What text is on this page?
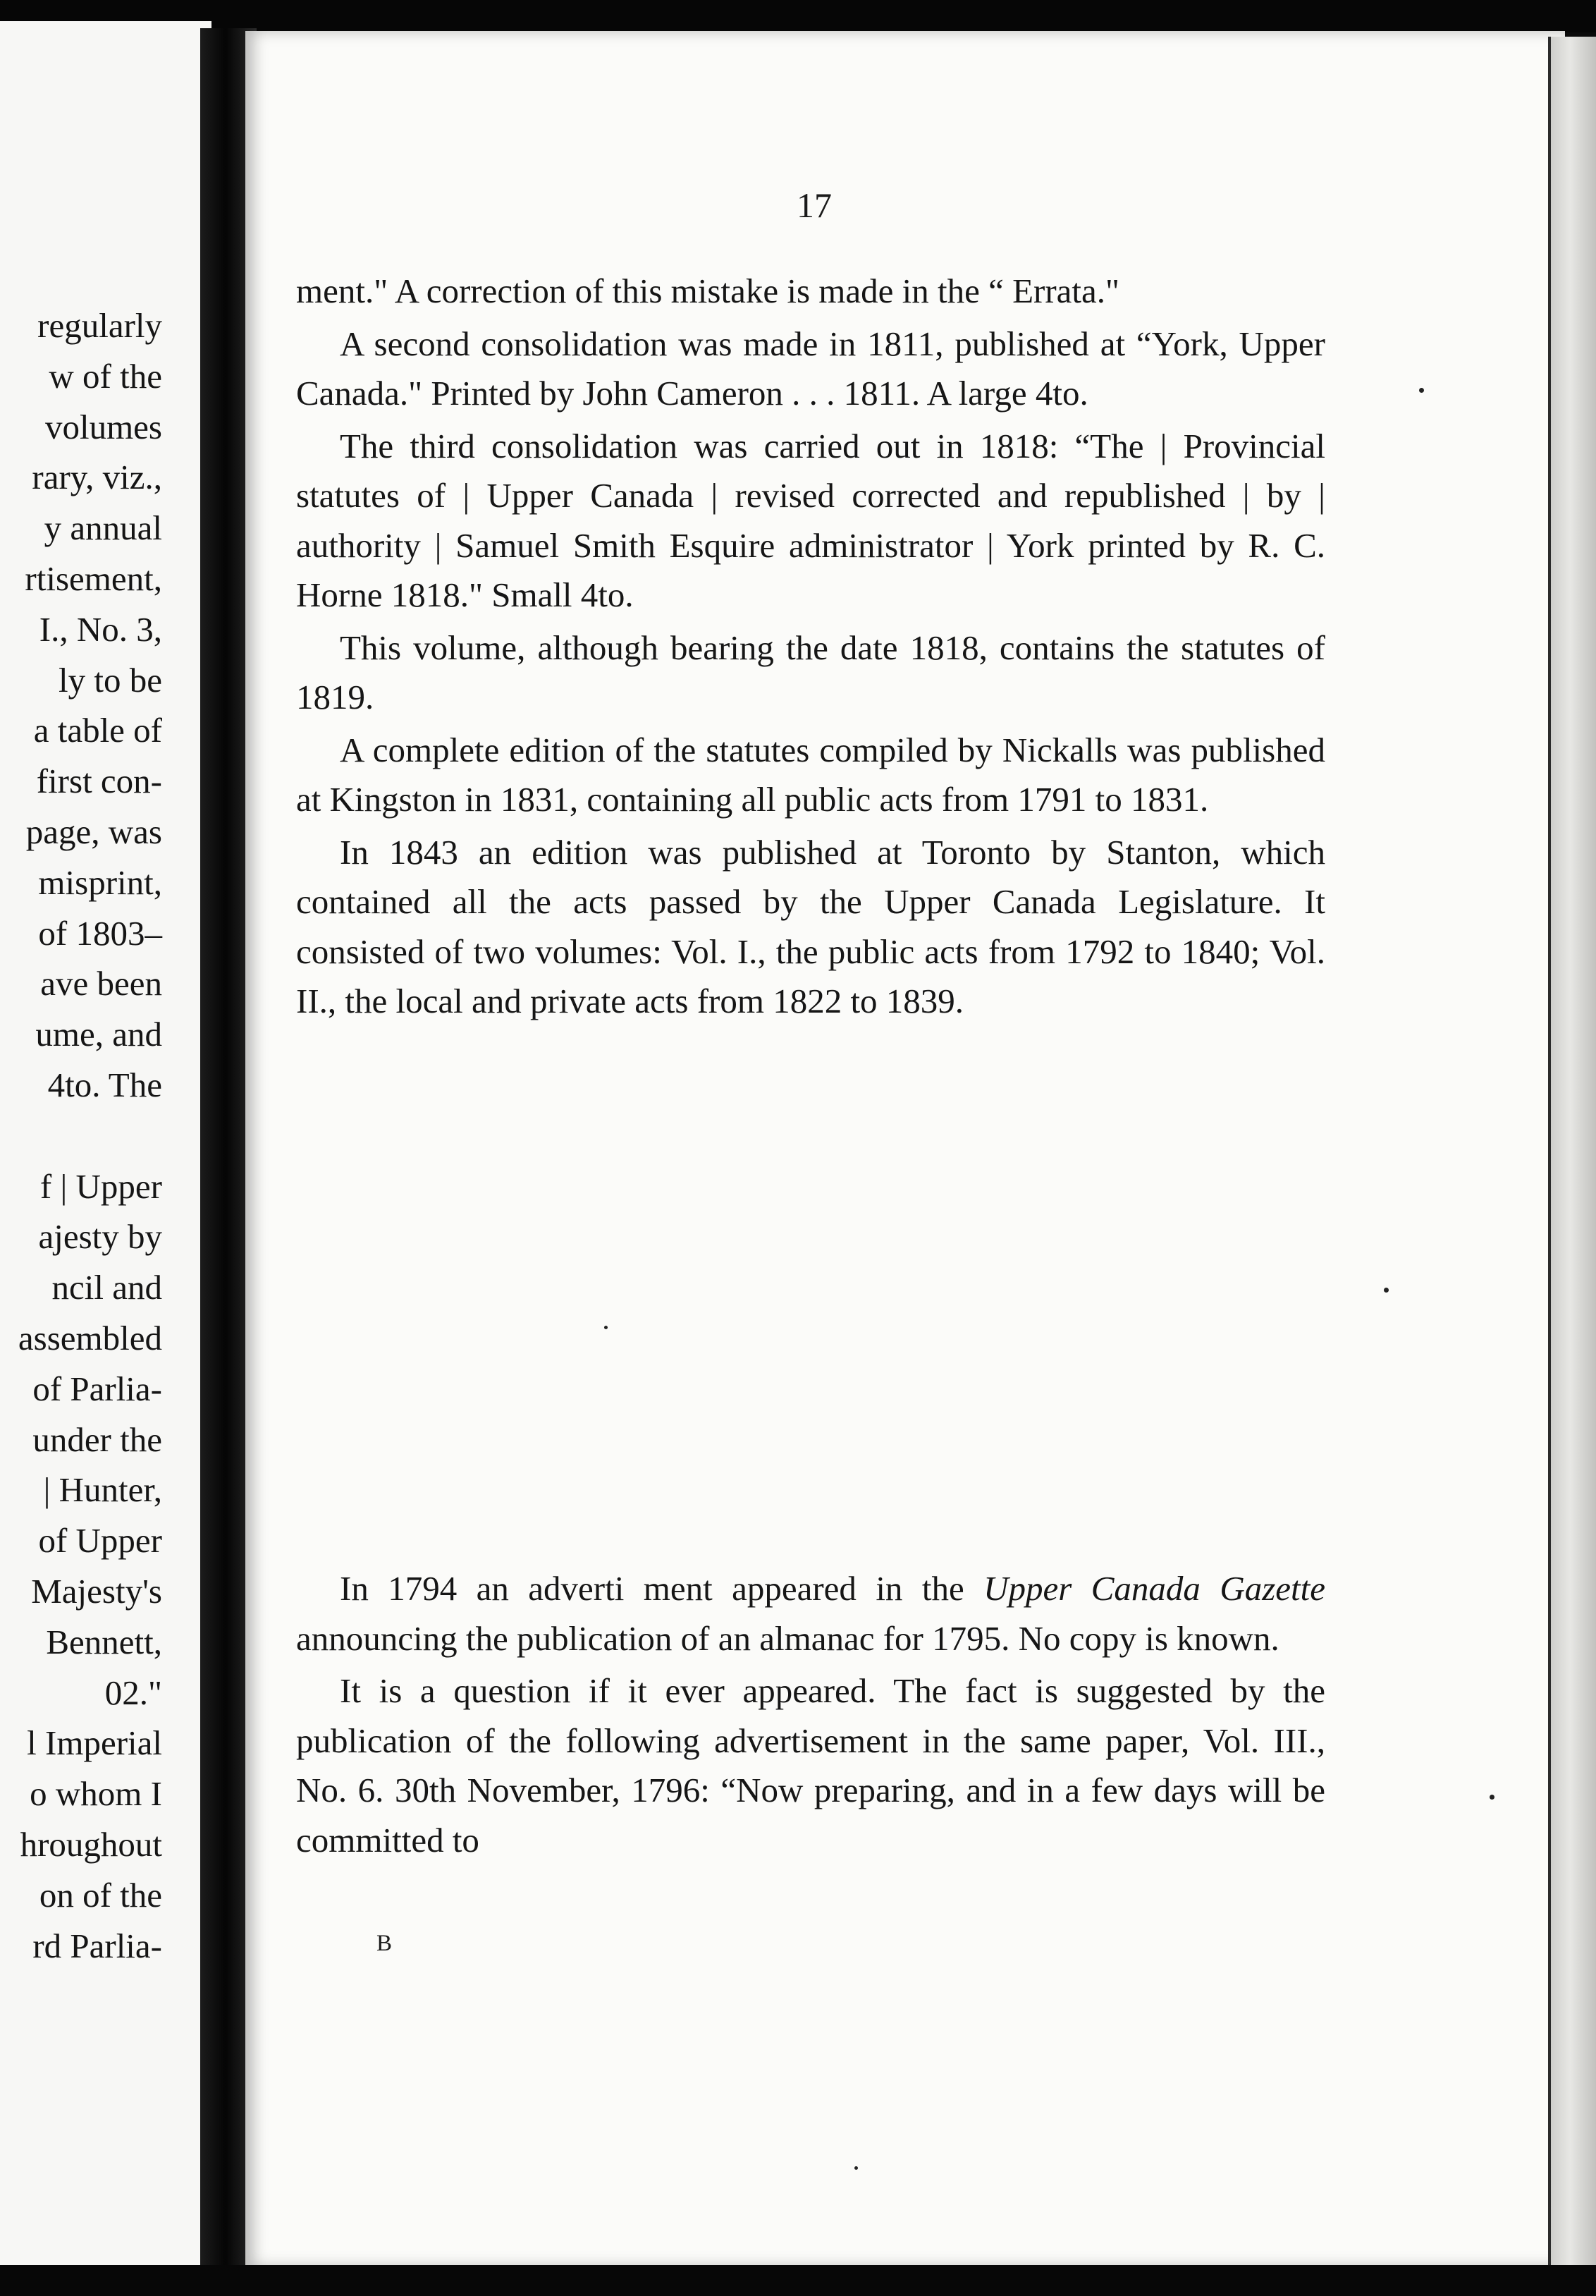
regularly
w of the
volumes
rary, viz.,
y annual
rtisement,
I., No. 3,
ly to be
a table of
first con-
page, was
misprint,
of 1803–
ave been
ume, and
4to. The
f | Upper
ajesty by
ncil and
assembled
of Parlia-
under the
| Hunter,
of Upper
Majesty's
Bennett,
02."
l Imperial
o whom I
hroughout
on of the
rd Parlia-
17

ment." A correction of this mistake is made in the “ Errata."

A second consolidation was made in 1811, published at “York, Upper Canada." Printed by John Cameron . . . 1811. A large 4to.

The third consolidation was carried out in 1818: “The | Provincial statutes of | Upper Canada | revised corrected and republished | by | authority | Samuel Smith Esquire administrator | York printed by R. C. Horne 1818." Small 4to.

This volume, although bearing the date 1818, contains the statutes of 1819.

A complete edition of the statutes compiled by Nickalls was published at Kingston in 1831, containing all public acts from 1791 to 1831.

In 1843 an edition was published at Toronto by Stanton, which contained all the acts passed by the Upper Canada Legislature. It consisted of two volumes: Vol. I., the public acts from 1792 to 1840; Vol. II., the local and private acts from 1822 to 1839.

In 1794 an adverti ment appeared in the Upper Canada Gazette announcing the publication of an almanac for 1795. No copy is known.

It is a question if it ever appeared. The fact is suggested by the publication of the following advertisement in the same paper, Vol. III., No. 6. 30th November, 1796: “Now preparing, and in a few days will be committed to

B
